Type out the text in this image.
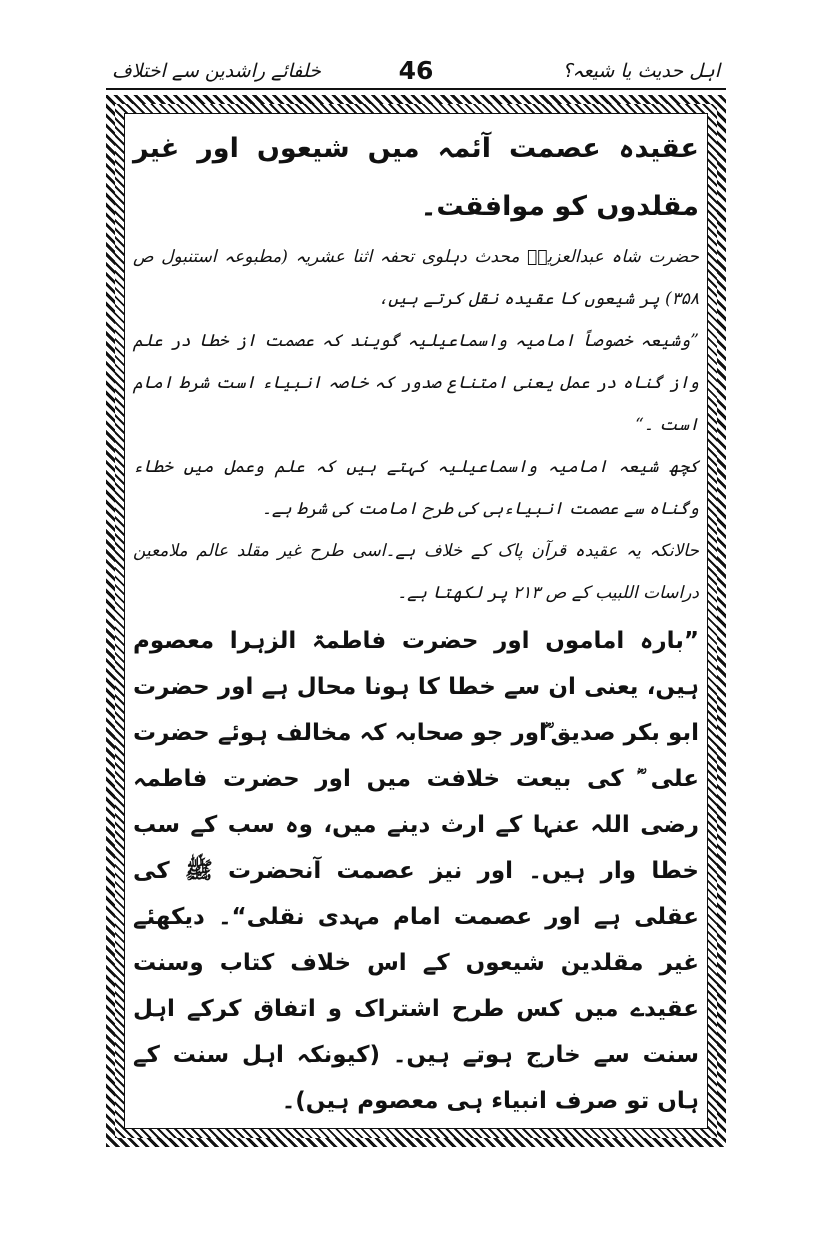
اہل حدیث یا شیعہ؟
46
خلفائے راشدین سے اختلاف

عقیدہ عصمت آئمہ میں شیعوں اور غیر مقلدوں کو موافقت۔

حضرت شاہ عبدالعزیزؒ محدث دہلوی تحفہ اثنا عشریہ (مطبوعہ استنبول ص ۳۵۸) پر شیعوں کا عقیدہ نقل کرتے ہیں،

”وشیعہ خصوصاً امامیہ واسماعیلیہ گویند کہ عصمت از خطا در علم واز گناہ در عمل یعنی امتناع صدور کہ خاصہ انبیاء است شرط امام است ۔“

کچھ شیعہ امامیہ واسماعیلیہ کہتے ہیں کہ علم وعمل میں خطاء وگناہ سے عصمت انبیاءہی کی طرح امامت کی شرط ہے۔

حالانکہ یہ عقیدہ قرآن پاک کے خلاف ہے۔اسی طرح غیر مقلد عالم ملامعین دراسات اللبیب کے ص ۲۱۳ پر لکھتا ہے۔

”بارہ اماموں اور حضرت فاطمۃ الزہرا معصوم ہیں، یعنی ان سے خطا کا ہونا محال ہے اور حضرت ابو بکر صدیق ؓاور جو صحابہ کہ مخالف ہوئے حضرت علی ؓ کی بیعت خلافت میں اور حضرت فاطمہ رضی اللہ عنہا کے ارث دینے میں، وہ سب کے سب خطا وار ہیں۔ اور نیز عصمت آنحضرت ﷺ کی عقلی ہے اور عصمت امام مہدی نقلی“۔ دیکھئے غیر مقلدین شیعوں کے اس خلاف کتاب وسنت عقیدے میں کس طرح اشتراک و اتفاق کرکے اہل سنت سے خارج ہوتے ہیں۔ (کیونکہ اہل سنت کے ہاں تو صرف انبیاء ہی معصوم ہیں)۔
